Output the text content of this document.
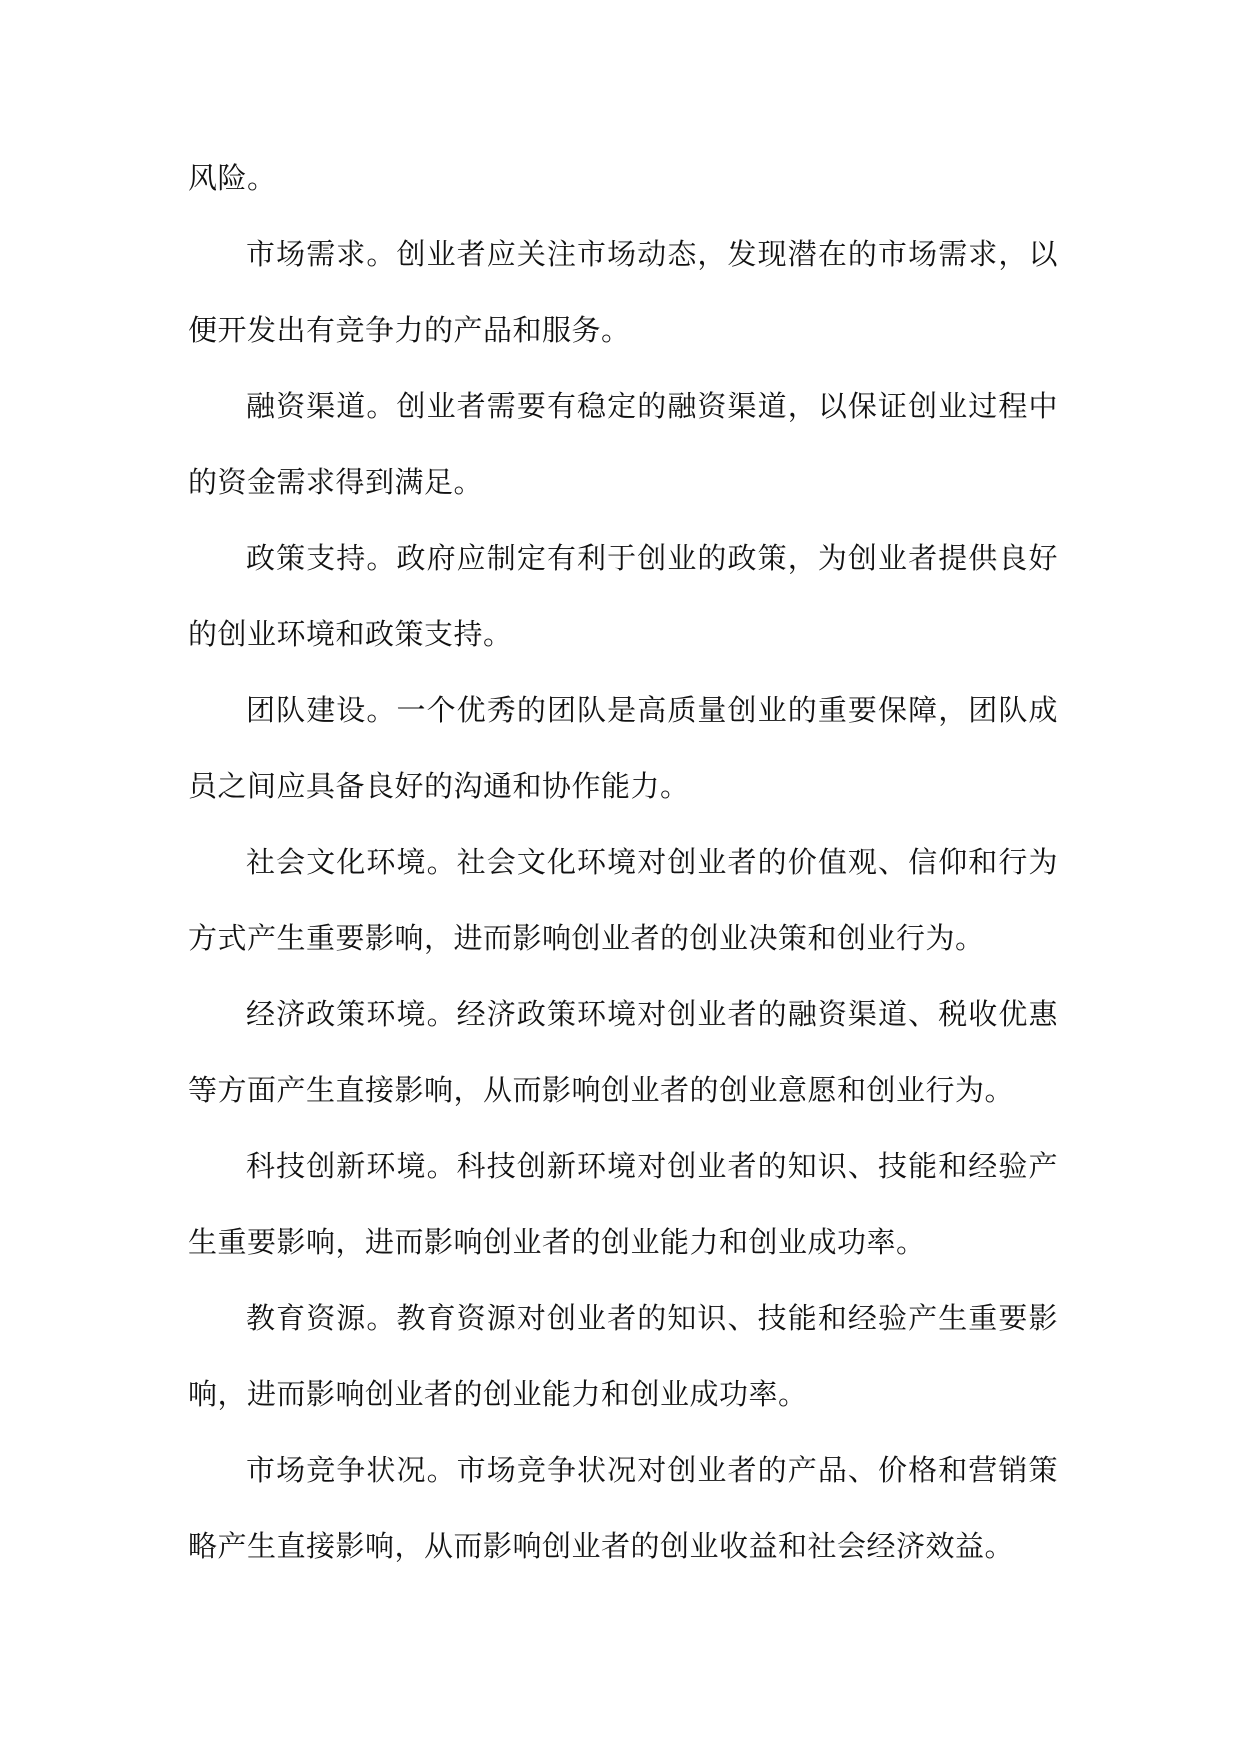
风险。

市场需求。创业者应关注市场动态，发现潜在的市场需求，以便开发出有竞争力的产品和服务。

融资渠道。创业者需要有稳定的融资渠道，以保证创业过程中的资金需求得到满足。

政策支持。政府应制定有利于创业的政策，为创业者提供良好的创业环境和政策支持。

团队建设。一个优秀的团队是高质量创业的重要保障，团队成员之间应具备良好的沟通和协作能力。

社会文化环境。社会文化环境对创业者的价值观、信仰和行为方式产生重要影响，进而影响创业者的创业决策和创业行为。

经济政策环境。经济政策环境对创业者的融资渠道、税收优惠等方面产生直接影响，从而影响创业者的创业意愿和创业行为。

科技创新环境。科技创新环境对创业者的知识、技能和经验产生重要影响，进而影响创业者的创业能力和创业成功率。

教育资源。教育资源对创业者的知识、技能和经验产生重要影响，进而影响创业者的创业能力和创业成功率。

市场竞争状况。市场竞争状况对创业者的产品、价格和营销策略产生直接影响，从而影响创业者的创业收益和社会经济效益。
